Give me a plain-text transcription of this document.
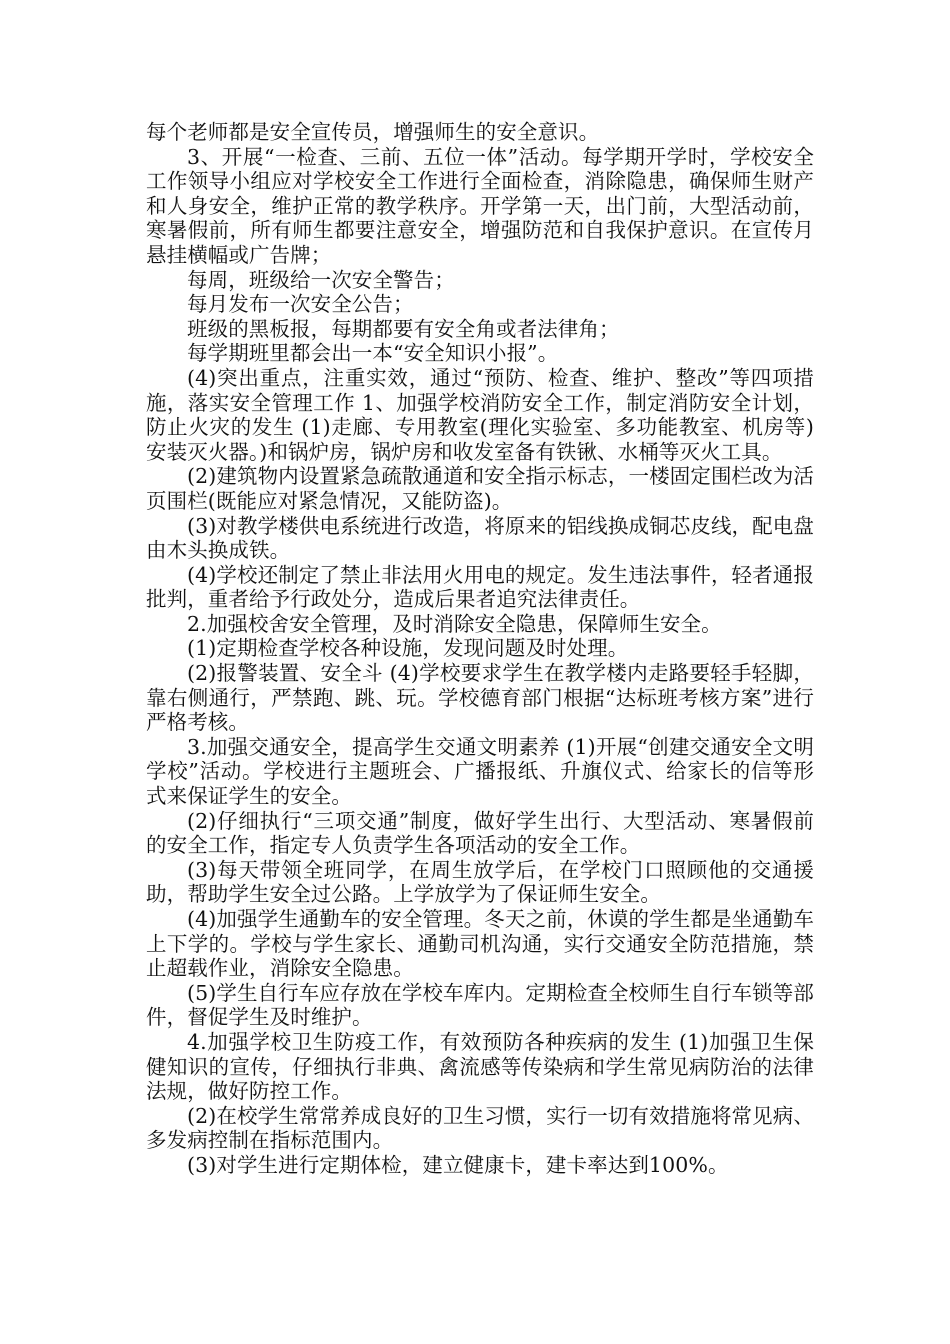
每个老师都是安全宣传员，增强师生的安全意识。

3、开展“一检查、三前、五位一体”活动。每学期开学时，学校安全工作领导小组应对学校安全工作进行全面检查，消除隐患，确保师生财产和人身安全，维护正常的教学秩序。开学第一天，出门前，大型活动前，寒暑假前，所有师生都要注意安全，增强防范和自我保护意识。在宣传月悬挂横幅或广告牌；

每周，班级给一次安全警告；

每月发布一次安全公告；

班级的黑板报，每期都要有安全角或者法律角；

每学期班里都会出一本“安全知识小报”。

(4)突出重点，注重实效，通过“预防、检查、维护、整改”等四项措施，落实安全管理工作 1、加强学校消防安全工作，制定消防安全计划，防止火灾的发生 (1)走廊、专用教室(理化实验室、多功能教室、机房等)安装灭火器。)和锅炉房，锅炉房和收发室备有铁锹、水桶等灭火工具。

(2)建筑物内设置紧急疏散通道和安全指示标志，一楼固定围栏改为活页围栏(既能应对紧急情况，又能防盗)。

(3)对教学楼供电系统进行改造，将原来的铝线换成铜芯皮线，配电盘由木头换成铁。

(4)学校还制定了禁止非法用火用电的规定。发生违法事件，轻者通报批判，重者给予行政处分，造成后果者追究法律责任。

2.加强校舍安全管理，及时消除安全隐患，保障师生安全。

(1)定期检查学校各种设施，发现问题及时处理。

(2)报警装置、安全斗 (4)学校要求学生在教学楼内走路要轻手轻脚，靠右侧通行，严禁跑、跳、玩。学校德育部门根据“达标班考核方案”进行严格考核。

3.加强交通安全，提高学生交通文明素养 (1)开展“创建交通安全文明学校”活动。学校进行主题班会、广播报纸、升旗仪式、给家长的信等形式来保证学生的安全。

(2)仔细执行“三项交通”制度，做好学生出行、大型活动、寒暑假前的安全工作，指定专人负责学生各项活动的安全工作。

(3)每天带领全班同学，在周生放学后，在学校门口照顾他的交通援助，帮助学生安全过公路。上学放学为了保证师生安全。

(4)加强学生通勤车的安全管理。冬天之前，休谟的学生都是坐通勤车上下学的。学校与学生家长、通勤司机沟通，实行交通安全防范措施，禁止超载作业，消除安全隐患。

(5)学生自行车应存放在学校车库内。定期检查全校师生自行车锁等部件，督促学生及时维护。

4.加强学校卫生防疫工作，有效预防各种疾病的发生 (1)加强卫生保健知识的宣传，仔细执行非典、禽流感等传染病和学生常见病防治的法律法规，做好防控工作。

(2)在校学生常常养成良好的卫生习惯，实行一切有效措施将常见病、多发病控制在指标范围内。

(3)对学生进行定期体检，建立健康卡，建卡率达到100%。
